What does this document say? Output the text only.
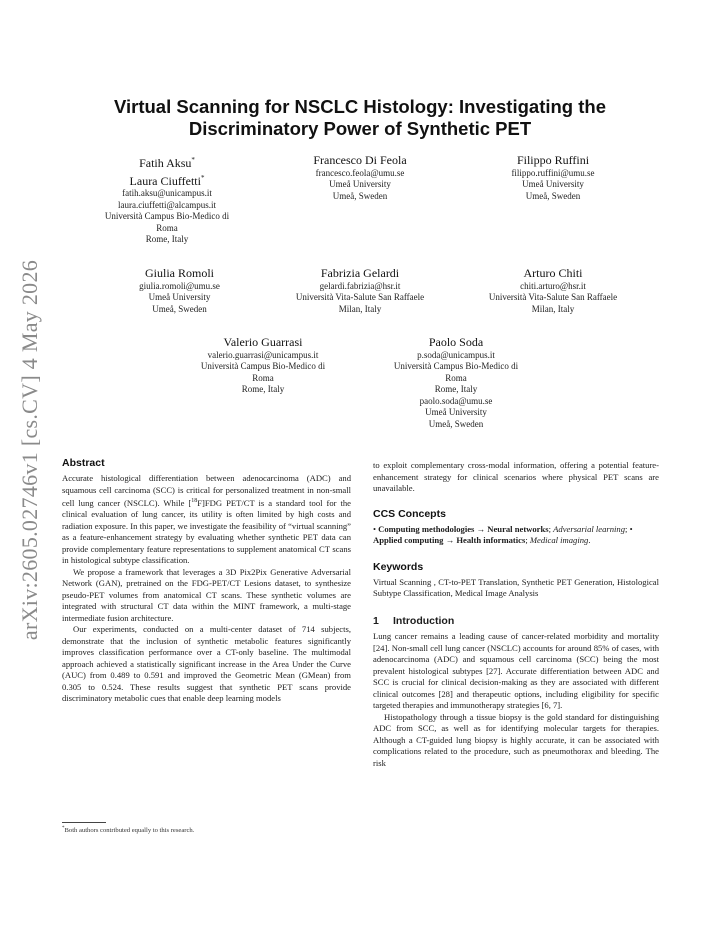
arXiv:2605.02746v1 [cs.CV] 4 May 2026
Virtual Scanning for NSCLC Histology: Investigating the
Discriminatory Power of Synthetic PET
Fatih Aksu*
Laura Ciuffetti*
fatih.aksu@unicampus.it
laura.ciuffetti@alcampus.it
Università Campus Bio-Medico di
Roma
Rome, Italy
Francesco Di Feola
francesco.feola@umu.se
Umeå University
Umeå, Sweden
Filippo Ruffini
filippo.ruffini@umu.se
Umeå University
Umeå, Sweden
Giulia Romoli
giulia.romoli@umu.se
Umeå University
Umeå, Sweden
Fabrizia Gelardi
gelardi.fabrizia@hsr.it
Università Vita-Salute San Raffaele
Milan, Italy
Arturo Chiti
chiti.arturo@hsr.it
Università Vita-Salute San Raffaele
Milan, Italy
Valerio Guarrasi
valerio.guarrasi@unicampus.it
Università Campus Bio-Medico di
Roma
Rome, Italy
Paolo Soda
p.soda@unicampus.it
Università Campus Bio-Medico di
Roma
Rome, Italy
paolo.soda@umu.se
Umeå University
Umeå, Sweden
Abstract

Accurate histological differentiation between adenocarcinoma (ADC) and squamous cell carcinoma (SCC) is critical for personalized treatment in non-small cell lung cancer (NSCLC). While [$^{18}$F]FDG PET/CT is a standard tool for the clinical evaluation of lung cancer, its utility is often limited by high costs and radiation exposure. In this paper, we investigate the feasibility of “virtual scanning” as a feature-enhancement strategy by evaluating whether synthetic PET data can provide complementary feature representations to supplement anatomical CT scans in histological subtype classification.

We propose a framework that leverages a 3D Pix2Pix Generative Adversarial Network (GAN), pretrained on the FDG-PET/CT Lesions dataset, to synthesize pseudo-PET volumes from anatomical CT scans. These synthetic volumes are integrated with structural CT data within the MINT framework, a multi-stage intermediate fusion architecture.

Our experiments, conducted on a multi-center dataset of 714 subjects, demonstrate that the inclusion of synthetic metabolic features significantly improves classification performance over a CT-only baseline. The multimodal approach achieved a statistically significant increase in the Area Under the Curve (AUC) from 0.489 to 0.591 and improved the Geometric Mean (GMean) from 0.305 to 0.524. These results suggest that synthetic PET scans provide discriminatory metabolic cues that enable deep learning models

to exploit complementary cross-modal information, offering a potential feature-enhancement strategy for clinical scenarios where physical PET scans are unavailable.

CCS Concepts

• Computing methodologies → Neural networks; Adversarial learning; • Applied computing → Health informatics; Medical imaging.

Keywords

Virtual Scanning , CT-to-PET Translation, Synthetic PET Generation, Histological Subtype Classification, Medical Image Analysis

1 Introduction

Lung cancer remains a leading cause of cancer-related morbidity and mortality [24]. Non-small cell lung cancer (NSCLC) accounts for around 85% of cases, with adenocarcinoma (ADC) and squamous cell carcinoma (SCC) being the most prevalent histological subtypes [27]. Accurate differentiation between ADC and SCC is crucial for clinical decision-making as they are associated with different clinical outcomes [28] and therapeutic options, including eligibility for specific targeted therapies and immunotherapy strategies [6, 7].

Histopathology through a tissue biopsy is the gold standard for distinguishing ADC from SCC, as well as for identifying molecular targets for therapies. Although a CT-guided lung biopsy is highly accurate, it can be associated with complications related to the procedure, such as pneumothorax and bleeding. The risk

*Both authors contributed equally to this research.
